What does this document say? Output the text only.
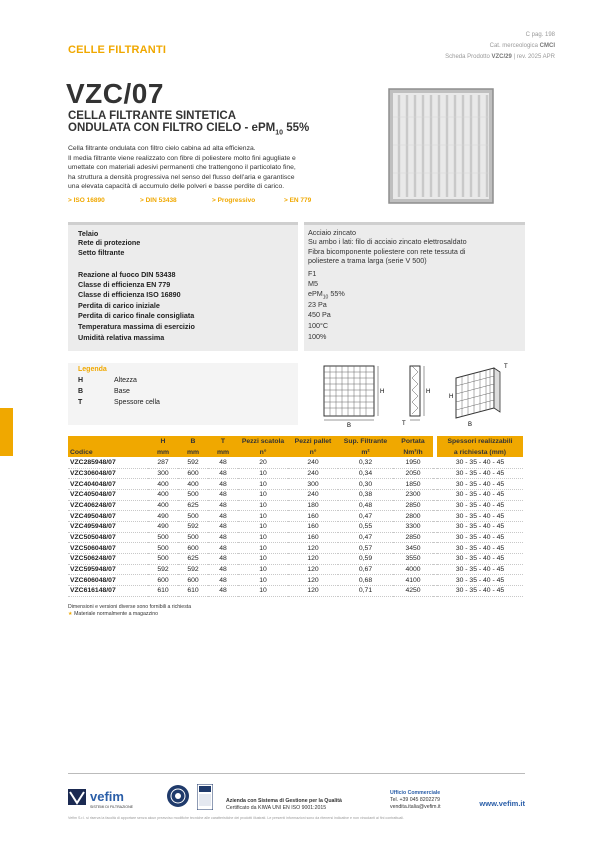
CELLE FILTRANTI
C pag. 198
Cat. merceologica CMCI
Scheda Prodotto VZC/29 | rev. 2025 APR
VZC/07
CELLA FILTRANTE SINTETICA
ONDULATA CON FILTRO CIELO - ePM$_{10}$ 55%
Cella filtrante ondulata con filtro cielo cabina ad alta efficienza.
Il media filtrante viene realizzato con fibre di poliestere molto fini agugliate e
umettate con materiali adesivi permanenti che trattengono il particolato fine,
ha struttura a densità progressiva nel senso del flusso dell'aria e garantisce
una elevata capacità di accumulo delle polveri e basse perdite di carico.
> ISO 16890	> DIN 53438	> Progressivo	> EN 779
Telaio	Acciaio zincato
Rete di protezione	Su ambo i lati: filo di acciaio zincato elettrosaldato
Setto filtrante	Fibra bicomponente poliestere con rete tessuta di
poliestere a trama larga (serie V 500)
Reazione al fuoco DIN 53438	F1
Classe di efficienza EN 779	M5
Classe di efficienza ISO 16890	ePM$_{10}$ 55%
Perdita di carico iniziale	23 Pa
Perdita di carico finale consigliata	450 Pa
Temperatura massima di esercizio	100°C
Umidità relativa massima	100%
Legenda
H	Altezza
B	Base
T	Spessore cella
B
H	H
T
H
T
B
	H	B	T	Pezzi scatola	Pezzi pallet	Sup. Filtrante	Portata		Spessori realizzabili
Codice	mm	mm	mm	n°	n°	m²	Nm³/h		a richiesta (mm)
VZC285948/07	287	592	48	20	240	0,32	1950		30 - 35 - 40 - 45
VZC306048/07	300	600	48	10	240	0,34	2050		30 - 35 - 40 - 45
VZC404048/07	400	400	48	10	300	0,30	1850		30 - 35 - 40 - 45
VZC405048/07	400	500	48	10	240	0,38	2300		30 - 35 - 40 - 45
VZC406248/07	400	625	48	10	180	0,48	2850		30 - 35 - 40 - 45
VZC495048/07	490	500	48	10	160	0,47	2800		30 - 35 - 40 - 45
VZC495948/07	490	592	48	10	160	0,55	3300		30 - 35 - 40 - 45
VZC505048/07	500	500	48	10	160	0,47	2850		30 - 35 - 40 - 45
VZC506048/07	500	600	48	10	120	0,57	3450		30 - 35 - 40 - 45
VZC506248/07	500	625	48	10	120	0,59	3550		30 - 35 - 40 - 45
VZC595948/07	592	592	48	10	120	0,67	4000		30 - 35 - 40 - 45
VZC606048/07	600	600	48	10	120	0,68	4100		30 - 35 - 40 - 45
VZC616148/07	610	610	48	10	120	0,71	4250		30 - 35 - 40 - 45
Dimensioni e versioni diverse sono fornibili a richiesta
★ Materiale normalmente a magazzino
vefim
SISTEMI DI FILTRAZIONE
Azienda con Sistema di Gestione per la Qualità
Certificato da KIWA UNI EN ISO 9001:2015
Ufficio Commerciale
Tel. +39 045 8202279
vendita.italia@vefim.it	www.vefim.it
Vefim S.r.l. si riserva la facoltà di apportare senza alcun preavviso modifiche tecniche alle caratteristiche dei prodotti illustrati. Le presenti informazioni sono da ritenersi indicative e non vincolanti ai fini contrattuali.
